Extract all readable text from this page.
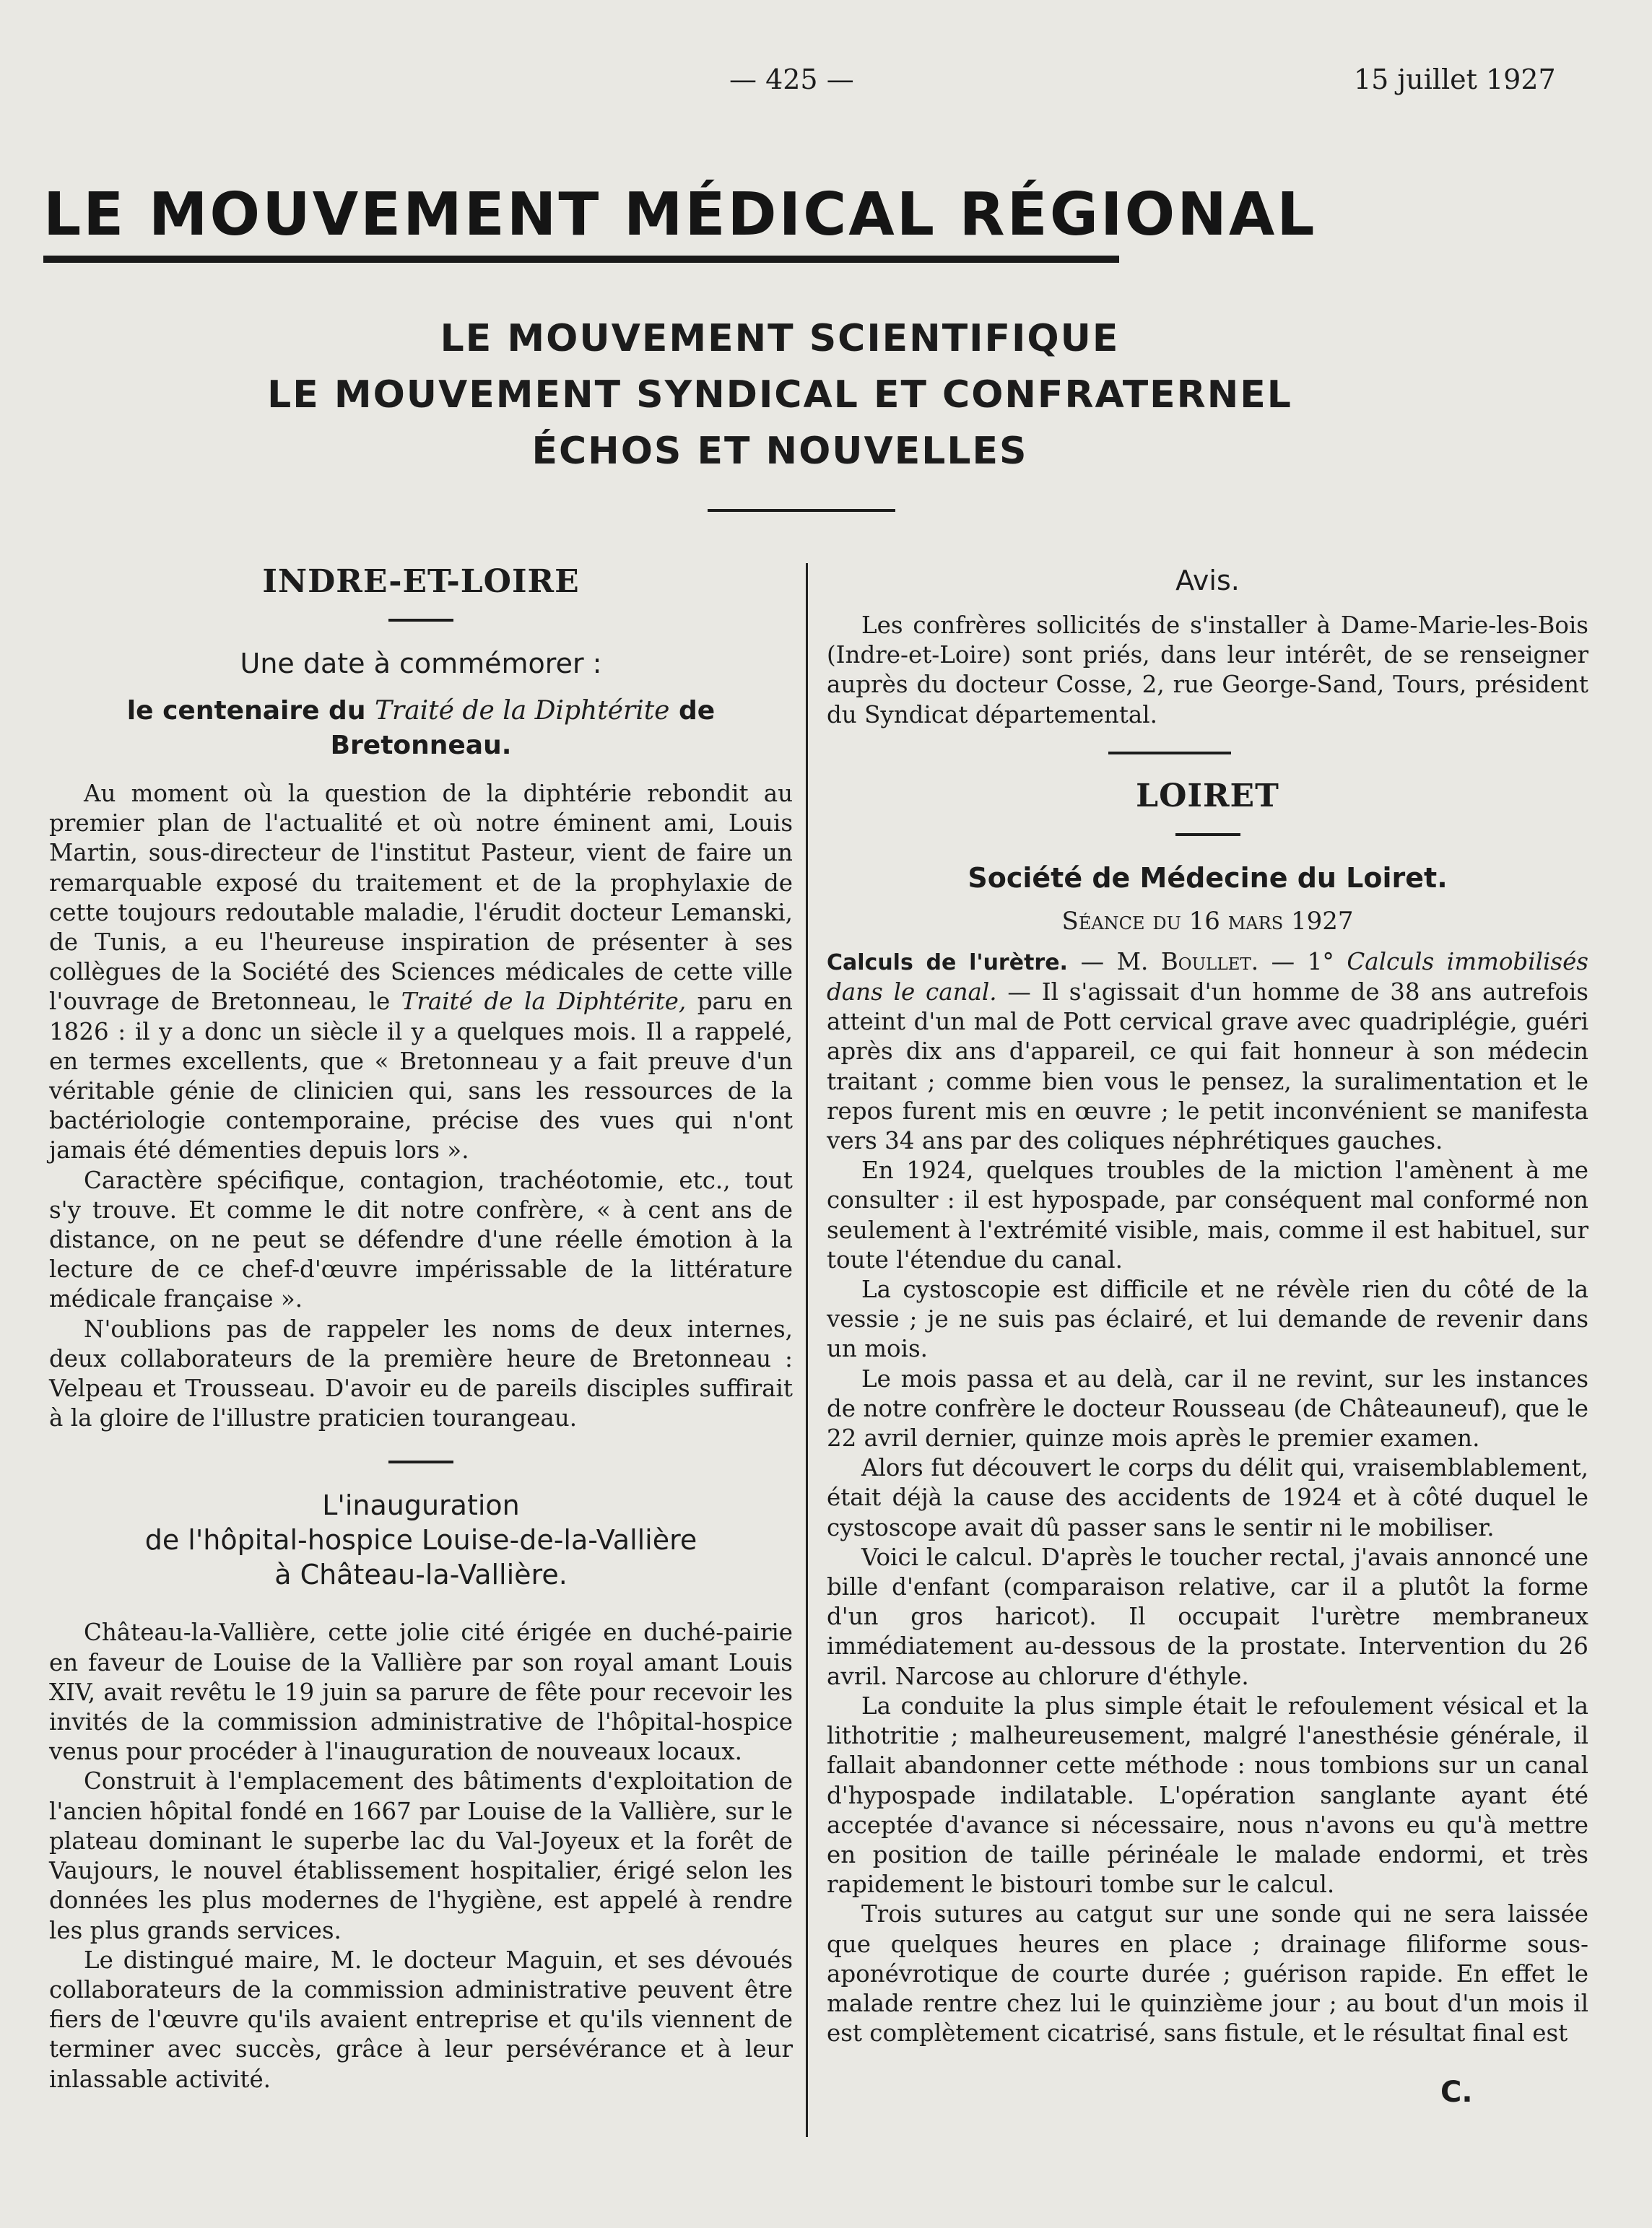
— 425 —	15 juillet 1927
LE MOUVEMENT MÉDICAL RÉGIONAL
LE MOUVEMENT SCIENTIFIQUE
LE MOUVEMENT SYNDICAL ET CONFRATERNEL
ÉCHOS ET NOUVELLES
INDRE-ET-LOIRE
Une date à commémorer :
le centenaire du Traité de la Diphtérite de Bretonneau.

Au moment où la question de la diphtérie rebondit au premier plan de l'actualité et où notre éminent ami, Louis Martin, sous-directeur de l'institut Pasteur, vient de faire un remarquable exposé du traitement et de la prophylaxie de cette toujours redoutable maladie, l'érudit docteur Lemanski, de Tunis, a eu l'heureuse inspiration de présenter à ses collègues de la Société des Sciences médicales de cette ville l'ouvrage de Bretonneau, le Traité de la Diphtérite, paru en 1826 : il y a donc un siècle il y a quelques mois. Il a rappelé, en termes excellents, que « Bretonneau y a fait preuve d'un véritable génie de clinicien qui, sans les ressources de la bactériologie contemporaine, précise des vues qui n'ont jamais été démenties depuis lors ».

Caractère spécifique, contagion, trachéotomie, etc., tout s'y trouve. Et comme le dit notre confrère, « à cent ans de distance, on ne peut se défendre d'une réelle émotion à la lecture de ce chef-d'œuvre impérissable de la littérature médicale française ».

N'oublions pas de rappeler les noms de deux internes, deux collaborateurs de la première heure de Bretonneau : Velpeau et Trousseau. D'avoir eu de pareils disciples suffirait à la gloire de l'illustre praticien tourangeau.

L'inauguration
de l'hôpital-hospice Louise-de-la-Vallière
à Château-la-Vallière.

Château-la-Vallière, cette jolie cité érigée en duché-pairie en faveur de Louise de la Vallière par son royal amant Louis XIV, avait revêtu le 19 juin sa parure de fête pour recevoir les invités de la commission administrative de l'hôpital-hospice venus pour procéder à l'inauguration de nouveaux locaux.

Construit à l'emplacement des bâtiments d'exploitation de l'ancien hôpital fondé en 1667 par Louise de la Vallière, sur le plateau dominant le superbe lac du Val-Joyeux et la forêt de Vaujours, le nouvel établissement hospitalier, érigé selon les données les plus modernes de l'hygiène, est appelé à rendre les plus grands services.

Le distingué maire, M. le docteur Maguin, et ses dévoués collaborateurs de la commission administrative peuvent être fiers de l'œuvre qu'ils avaient entreprise et qu'ils viennent de terminer avec succès, grâce à leur persévérance et à leur inlassable activité.

Avis.

Les confrères sollicités de s'installer à Dame-Marie-les-Bois (Indre-et-Loire) sont priés, dans leur intérêt, de se renseigner auprès du docteur Cosse, 2, rue George-Sand, Tours, président du Syndicat départemental.

LOIRET
Société de Médecine du Loiret.
Séance du 16 mars 1927

Calculs de l'urètre. — M. Boullet. — 1° Calculs immobilisés dans le canal. — Il s'agissait d'un homme de 38 ans autrefois atteint d'un mal de Pott cervical grave avec quadriplégie, guéri après dix ans d'appareil, ce qui fait honneur à son médecin traitant ; comme bien vous le pensez, la suralimentation et le repos furent mis en œuvre ; le petit inconvénient se manifesta vers 34 ans par des coliques néphrétiques gauches.

En 1924, quelques troubles de la miction l'amènent à me consulter : il est hypospade, par conséquent mal conformé non seulement à l'extrémité visible, mais, comme il est habituel, sur toute l'étendue du canal.

La cystoscopie est difficile et ne révèle rien du côté de la vessie ; je ne suis pas éclairé, et lui demande de revenir dans un mois.

Le mois passa et au delà, car il ne revint, sur les instances de notre confrère le docteur Rousseau (de Châteauneuf), que le 22 avril dernier, quinze mois après le premier examen.

Alors fut découvert le corps du délit qui, vraisemblablement, était déjà la cause des accidents de 1924 et à côté duquel le cystoscope avait dû passer sans le sentir ni le mobiliser.

Voici le calcul. D'après le toucher rectal, j'avais annoncé une bille d'enfant (comparaison relative, car il a plutôt la forme d'un gros haricot). Il occupait l'urètre membraneux immédiatement au-dessous de la prostate. Intervention du 26 avril. Narcose au chlorure d'éthyle.

La conduite la plus simple était le refoulement vésical et la lithotritie ; malheureusement, malgré l'anesthésie générale, il fallait abandonner cette méthode : nous tombions sur un canal d'hypospade indilatable. L'opération sanglante ayant été acceptée d'avance si nécessaire, nous n'avons eu qu'à mettre en position de taille périnéale le malade endormi, et très rapidement le bistouri tombe sur le calcul.

Trois sutures au catgut sur une sonde qui ne sera laissée que quelques heures en place ; drainage filiforme sous-aponévrotique de courte durée ; guérison rapide. En effet le malade rentre chez lui le quinzième jour ; au bout d'un mois il est complètement cicatrisé, sans fistule, et le résultat final est

C.
